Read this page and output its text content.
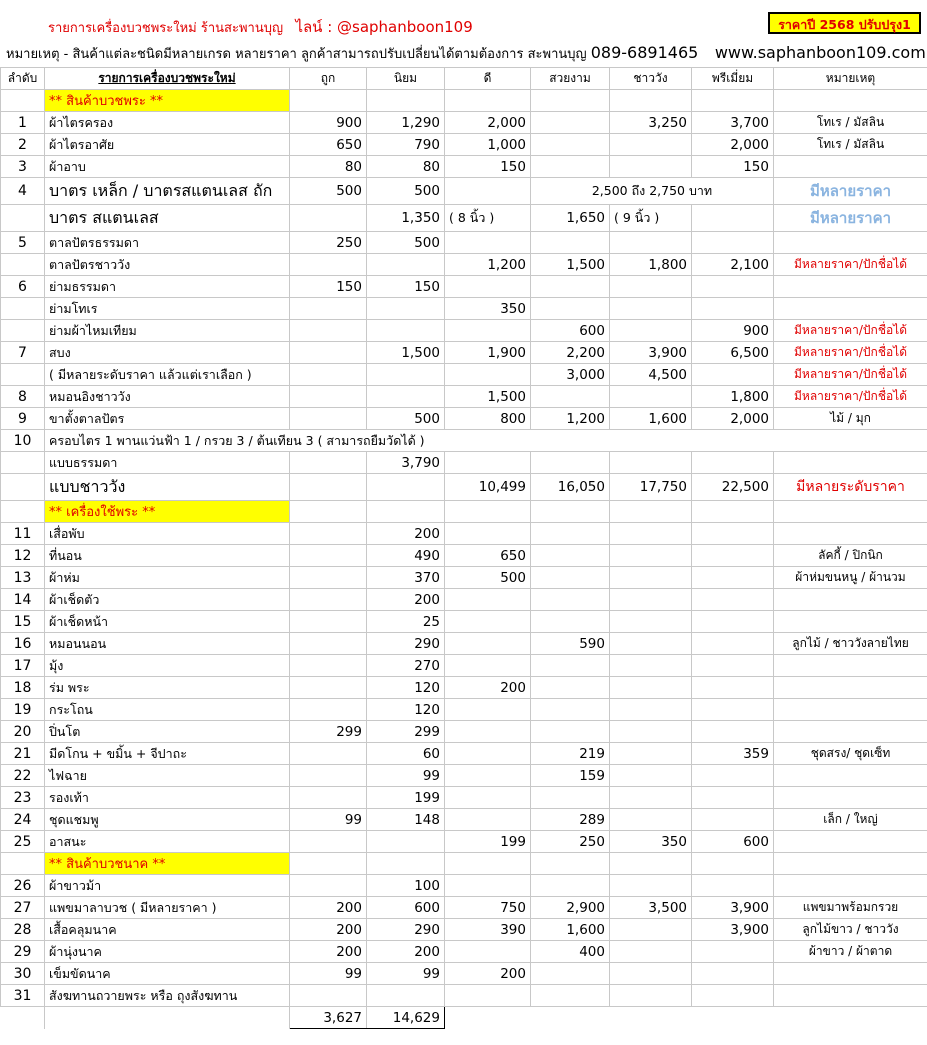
รายการเครื่องบวชพระใหม่ ร้านสะพานบุญ ไลน์ : @saphanboon109	ราคาปี 2568 ปรับปรุง1
หมายเหตุ - สินค้าแต่ละชนิดมีหลายเกรด หลายราคา ลูกค้าสามารถปรับเปลี่ยนได้ตามต้องการ สะพานบุญ 089-6891465 www.saphanboon109.com
ลำดับ	รายการเครื่องบวชพระใหม่	ถูก	นิยม	ดี	สวยงาม	ชาววัง	พรีเมี่ยม	หมายเหตุ
	** สินค้าบวชพระ **							
1	ผ้าไตรครอง	900	1,290	2,000		3,250	3,700	โทเร / มัสลิน
2	ผ้าไตรอาศัย	650	790	1,000			2,000	โทเร / มัสลิน
3	ผ้าอาบ	80	80	150			150	
4	บาตร เหล็ก / บาตรสแตนเลส ถัก	500	500		2,500 ถึง 2,750 บาท			มีหลายราคา
	บาตร สแตนเลส		1,350	( 8 นิ้ว )	1,650	( 9 นิ้ว )		มีหลายราคา
5	ตาลปัตรธรรมดา	250	500					
	ตาลปัตรชาววัง			1,200	1,500	1,800	2,100	มีหลายราคา/ปักชื่อได้
6	ย่ามธรรมดา	150	150					
	ย่ามโทเร			350				
	ย่ามผ้าไหมเทียม				600		900	มีหลายราคา/ปักชื่อได้
7	สบง		1,500	1,900	2,200	3,900	6,500	มีหลายราคา/ปักชื่อได้
	( มีหลายระดับราคา แล้วแต่เราเลือก )				3,000	4,500		มีหลายราคา/ปักชื่อได้
8	หมอนอิงชาววัง			1,500			1,800	มีหลายราคา/ปักชื่อได้
9	ขาตั้งตาลปัตร		500	800	1,200	1,600	2,000	ไม้ / มุก
10	ครอบไตร 1 พานแว่นฟ้า 1 / กรวย 3 / ต้นเทียน 3 ( สามารถยืมวัดได้ )							
	แบบธรรมดา		3,790					
	แบบชาววัง			10,499	16,050	17,750	22,500	มีหลายระดับราคา
	** เครื่องใช้พระ **							
11	เสื่อพับ		200					
12	ที่นอน		490	650				ลัคกี้ / ปิกนิก
13	ผ้าห่ม		370	500				ผ้าห่มขนหนู / ผ้านวม
14	ผ้าเช็ดตัว		200					
15	ผ้าเช็ดหน้า		25					
16	หมอนนอน		290		590			ลูกไม้ / ชาววังลายไทย
17	มุ้ง		270					
18	ร่ม พระ		120	200				
19	กระโถน		120					
20	ปิ่นโต	299	299					
21	มีดโกน + ขมิ้น + จีปาถะ		60		219		359	ชุดสรง/ ชุดเซ็ท
22	ไฟฉาย		99		159			
23	รองเท้า		199					
24	ชุดแชมพู	99	148		289			เล็ก / ใหญ่
25	อาสนะ			199	250	350	600	
	** สินค้าบวชนาค **							
26	ผ้าขาวม้า		100					
27	แพขมาลาบวช ( มีหลายราคา )	200	600	750	2,900	3,500	3,900	แพขมาพร้อมกรวย
28	เสื้อคลุมนาค	200	290	390	1,600		3,900	ลูกไม้ขาว / ชาววัง
29	ผ้านุ่งนาค	200	200		400			ผ้าขาว / ผ้าตาด
30	เข็มขัดนาค	99	99	200				
31	สังฆทานถวายพระ หรือ ถุงสังฆทาน							
		3,627	14,629					
